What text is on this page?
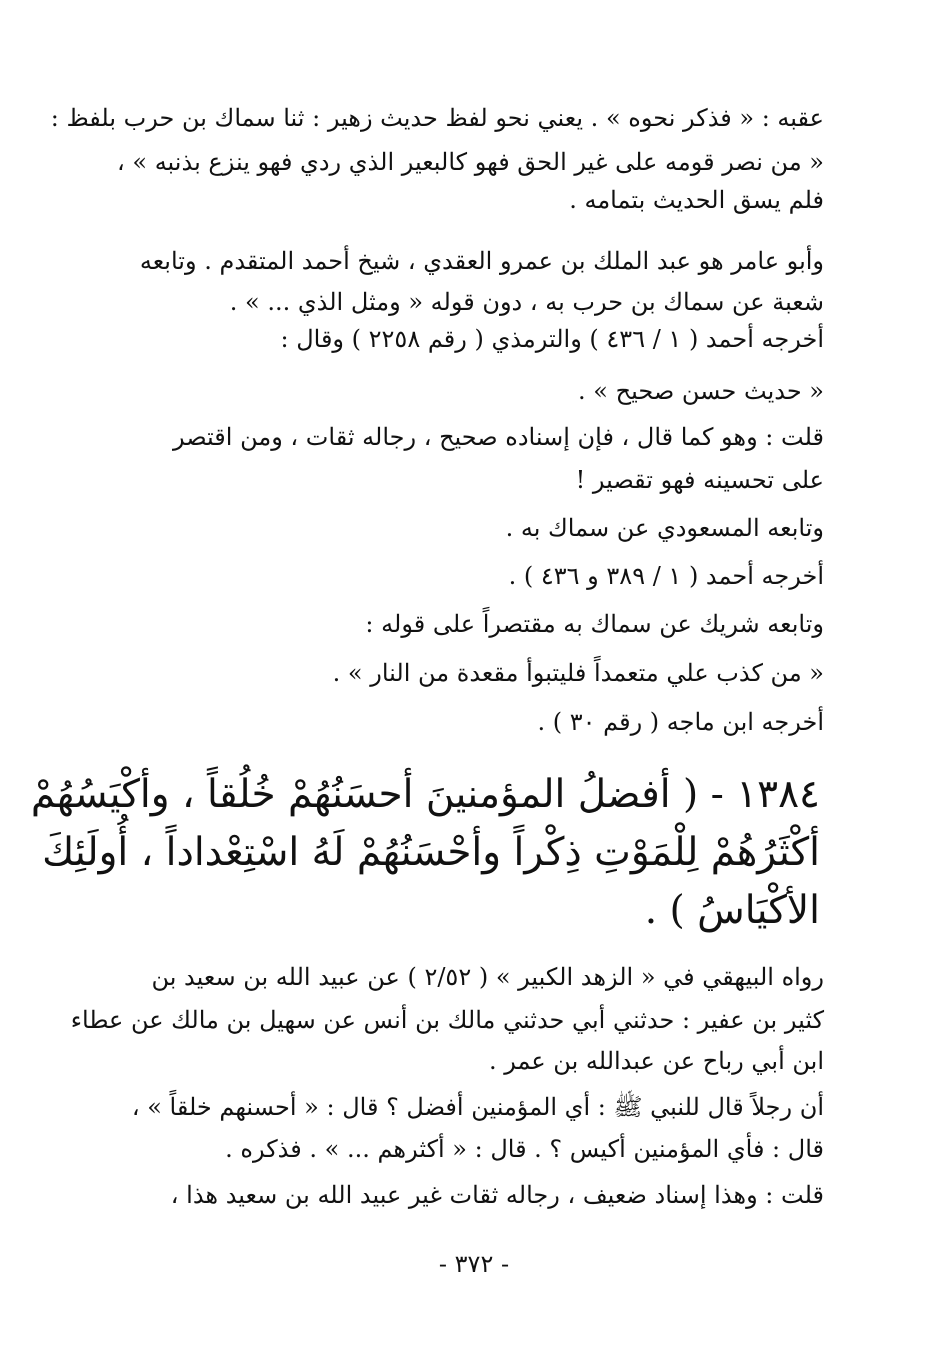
عقبه : « فذكر نحوه » . يعني نحو لفظ حديث زهير : ثنا سماك بن حرب بلفظ :
« من نصر قومه على غير الحق فهو كالبعير الذي ردي فهو ينزع بذنبه » ،
فلم يسق الحديث بتمامه .
وأبو عامر هو عبد الملك بن عمرو العقدي ، شيخ أحمد المتقدم . وتابعه
شعبة عن سماك بن حرب به ، دون قوله « ومثل الذي ... » .
أخرجه أحمد ( ١ / ٤٣٦ ) والترمذي ( رقم ٢٢٥٨ ) وقال :
« حديث حسن صحيح » .
قلت : وهو كما قال ، فإن إسناده صحيح ، رجاله ثقات ، ومن اقتصر
على تحسينه فهو تقصير !
وتابعه المسعودي عن سماك به .
أخرجه أحمد ( ١ / ٣٨٩ و ٤٣٦ ) .
وتابعه شريك عن سماك به مقتصراً على قوله :
« من كذب علي متعمداً فليتبوأ مقعدة من النار » .
أخرجه ابن ماجه ( رقم ٣٠ ) .
١٣٨٤ - ( أفضلُ المؤمنينَ أحسَنُهُمْ خُلُقاً ، وأكْيَسُهُمْ
أكْثَرُهُمْ لِلْمَوْتِ ذِكْراً وأحْسَنُهُمْ لَهُ اسْتِعْداداً ، أُولَئِكَ
الأكْيَاسُ ) .
رواه البيهقي في « الزهد الكبير » ( ٢/٥٢ ) عن عبيد الله بن سعيد بن
كثير بن عفير : حدثني أبي حدثني مالك بن أنس عن سهيل بن مالك عن عطاء
ابن أبي رباح عن عبدالله بن عمر .
أن رجلاً قال للنبي ﷺ : أي المؤمنين أفضل ؟ قال : « أحسنهم خلقاً » ،
قال : فأي المؤمنين أكيس ؟ . قال : « أكثرهم ... » . فذكره .
قلت : وهذا إسناد ضعيف ، رجاله ثقات غير عبيد الله بن سعيد هذا ،
- ٣٧٢ -
